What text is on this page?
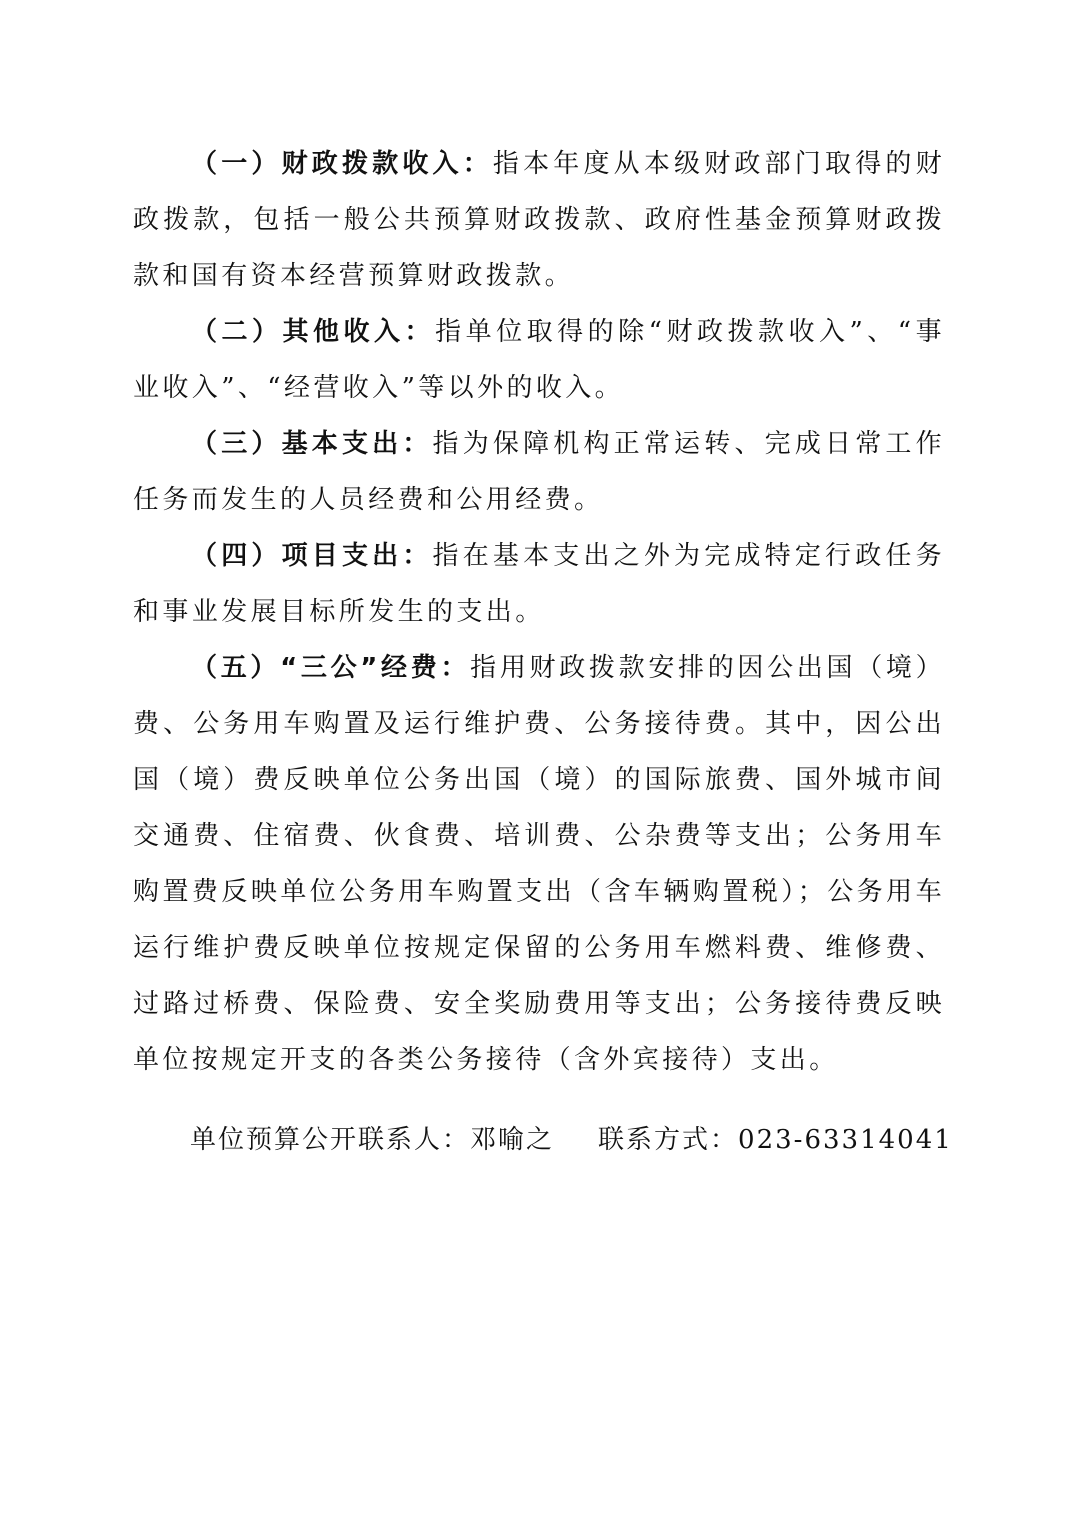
（一）财政拨款收入：指本年度从本级财政部门取得的财政拨款，包括一般公共预算财政拨款、政府性基金预算财政拨款和国有资本经营预算财政拨款。

（二）其他收入：指单位取得的除“财政拨款收入”、“事业收入”、“经营收入”等以外的收入。

（三）基本支出：指为保障机构正常运转、完成日常工作任务而发生的人员经费和公用经费。

（四）项目支出：指在基本支出之外为完成特定行政任务和事业发展目标所发生的支出。

（五）“三公”经费：指用财政拨款安排的因公出国（境）费、公务用车购置及运行维护费、公务接待费。其中，因公出国（境）费反映单位公务出国（境）的国际旅费、国外城市间交通费、住宿费、伙食费、培训费、公杂费等支出；公务用车购置费反映单位公务用车购置支出（含车辆购置税）；公务用车运行维护费反映单位按规定保留的公务用车燃料费、维修费、过路过桥费、保险费、安全奖励费用等支出；公务接待费反映单位按规定开支的各类公务接待（含外宾接待）支出。

单位预算公开联系人：邓喻之 联系方式：023-63314041
